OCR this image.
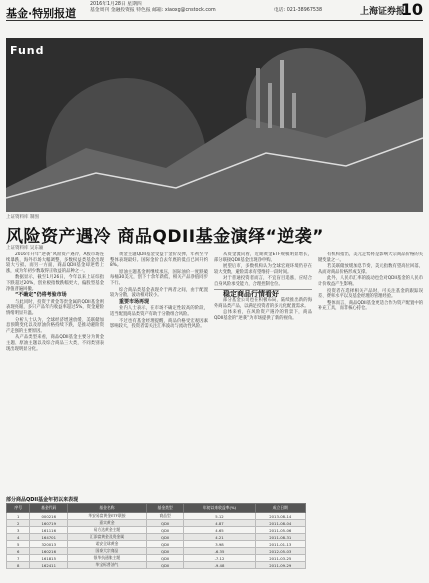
基金·特别报道
2016年1月28日 星期四
基金周刊 金融投资报 特色报 邮箱: xiaoxg@cnstock.com	电话: 021-38967538	上海证券报
10
Fund
上证资料库 制图
风险资产遇冷 商品QDII基金演绎“逆袭”
上证资料库 吴东颖

2016年开年“逆袭”风险资产遇冷，A股市场连续暴跌，海外市场大幅调整，多数权益类基金出现较大亏损。而另一方面，商品QDII基金却逆势上涨，成为年初少数取得正收益的品种之一。

数据显示，截至1月26日，今年以来上证综指下跌超过20%，创业板指数跌幅更大，偏股型基金净值普遍回撤。

“不确定”仍将考验市场

与此同时，投资于黄金等贵金属的QDII基金则表现亮眼，多只产品年内收益率超过5%，资金避险情绪明显升温。

分析人士认为，全球经济增速放缓、美联储加息预期变化以及原油价格持续下跌，是推动避险资产走强的主要原因。

从产品类型来看，商品QDII基金主要分为黄金主题、原油主题以及综合商品三大类，不同类别表现出现明显分化。

黄金主题QDII基金受益于金价反弹，年初至今整体表现最好。国际金价自去年底的低点已回升约8%。

原油主题基金则继续承压，国际油价一度跌破每桶30美元，创下十余年新低，相关产品净值同步下行。

综合商品类基金表现介于两者之间，由于配置较为分散，波动相对较小。

重要市场再现

业内人士表示，在市场不确定性较高的阶段，适当配置商品类资产有助于分散组合风险。

不过也有基金经理提醒，商品价格受宏观因素影响较大，投资者需关注汇率波动与流动性风险。

从资金流向看，近期黄金ETF规模明显增长，部分联接QDII基金出现净申购。

展望后市，多数机构认为全球宏观环境仍存在较大变数，避险需求有望维持一段时间。

对于普通投资者而言，不宜盲目追涨，应结合自身风险承受能力，合理控制仓位。

稳定商品行情看好

部分基金公司也在积极布局，陆续推出新的海外商品类产品，以满足投资者的多元化配置需求。

总体来看，在风险资产遇冷的背景下，商品QDII基金的“逆袭”为市场提供了新的视角。

有机构指出，美元走势将是影响大宗商品价格的关键变量之一。

若美联储放缓加息节奏，美元指数有望高位回落，从而对商品价格形成支撑。

此外，人民币汇率的波动也会对QDII基金的人民币计价收益产生影响。

投资者在选择相关产品时，可关注基金的跟踪误差、费率水平以及基金经理的管理经验。

整体而言，商品QDII基金更适合作为资产配置中的补充工具，而非核心持仓。

部分商品QDII基金年初以来表现
序号	基金代码	基金名称	基金类型	年初以来收益率(%)	成立日期
1	000216	华安易富黄金ETF联接	商品型	5.12	2013-08-14
2	160719	嘉实黄金	QDII	4.87	2011-08-04
3	161116	易方达黄金主题	QDII	4.65	2011-05-06
4	164701	汇添富黄金及贵金属	QDII	4.21	2011-08-31
5	320013	诺安全球黄金	QDII	3.98	2011-01-13
6	160216	国泰大宗商品	QDII	-6.35	2012-05-03
7	161815	银华抗通胀主题	QDII	-7.12	2011-03-25
8	162411	华宝标普油气	QDII	-9.48	2011-09-29
